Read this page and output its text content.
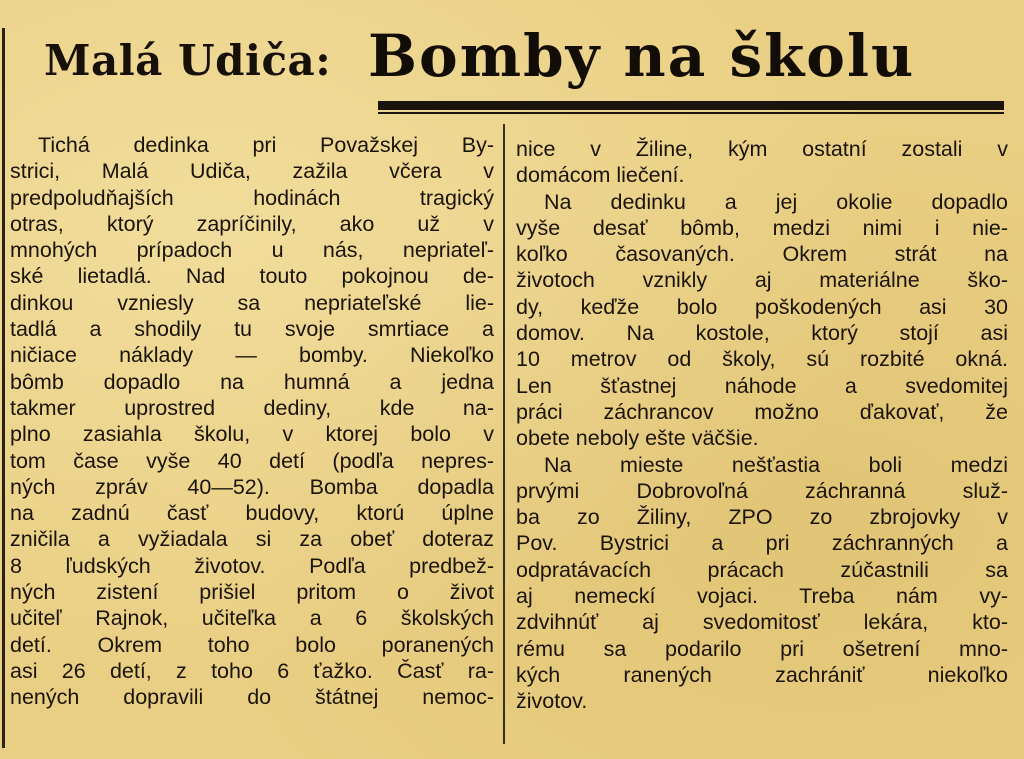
Malá Udiča: Bomby na školu
Tichá dedinka pri Považskej By-
strici, Malá Udiča, zažila včera v
predpoludňajších hodinách tragický
otras, ktorý zapríčinily, ako už v
mnohých prípadoch u nás, nepriateľ-
ské lietadlá. Nad touto pokojnou de-
dinkou vzniesly sa nepriateľské lie-
tadlá a shodily tu svoje smrtiace a
ničiace náklady — bomby. Niekoľko
bômb dopadlo na humná a jedna
takmer uprostred dediny, kde na-
plno zasiahla školu, v ktorej bolo v
tom čase vyše 40 detí (podľa nepres-
ných zpráv 40—52). Bomba dopadla
na zadnú časť budovy, ktorú úplne
zničila a vyžiadala si za obeť doteraz
8 ľudských životov. Podľa predbež-
ných zistení prišiel pritom o život
učiteľ Rajnok, učiteľka a 6 školských
detí. Okrem toho bolo poranených
asi 26 detí, z toho 6 ťažko. Časť ra-
nených dopravili do štátnej nemoc-
nice v Žiline, kým ostatní zostali v
domácom liečení.
Na dedinku a jej okolie dopadlo
vyše desať bômb, medzi nimi i nie-
koľko časovaných. Okrem strát na
životoch vznikly aj materiálne ško-
dy, keďže bolo poškodených asi 30
domov. Na kostole, ktorý stojí asi
10 metrov od školy, sú rozbité okná.
Len šťastnej náhode a svedomitej
práci záchrancov možno ďakovať, že
obete neboly ešte väčšie.
Na mieste nešťastia boli medzi
prvými Dobrovoľná záchranná služ-
ba zo Žiliny, ZPO zo zbrojovky v
Pov. Bystrici a pri záchranných a
odpratávacích prácach zúčastnili sa
aj nemeckí vojaci. Treba nám vy-
zdvihnúť aj svedomitosť lekára, kto-
rému sa podarilo pri ošetrení mno-
kých ranených zachrániť niekoľko
životov.
